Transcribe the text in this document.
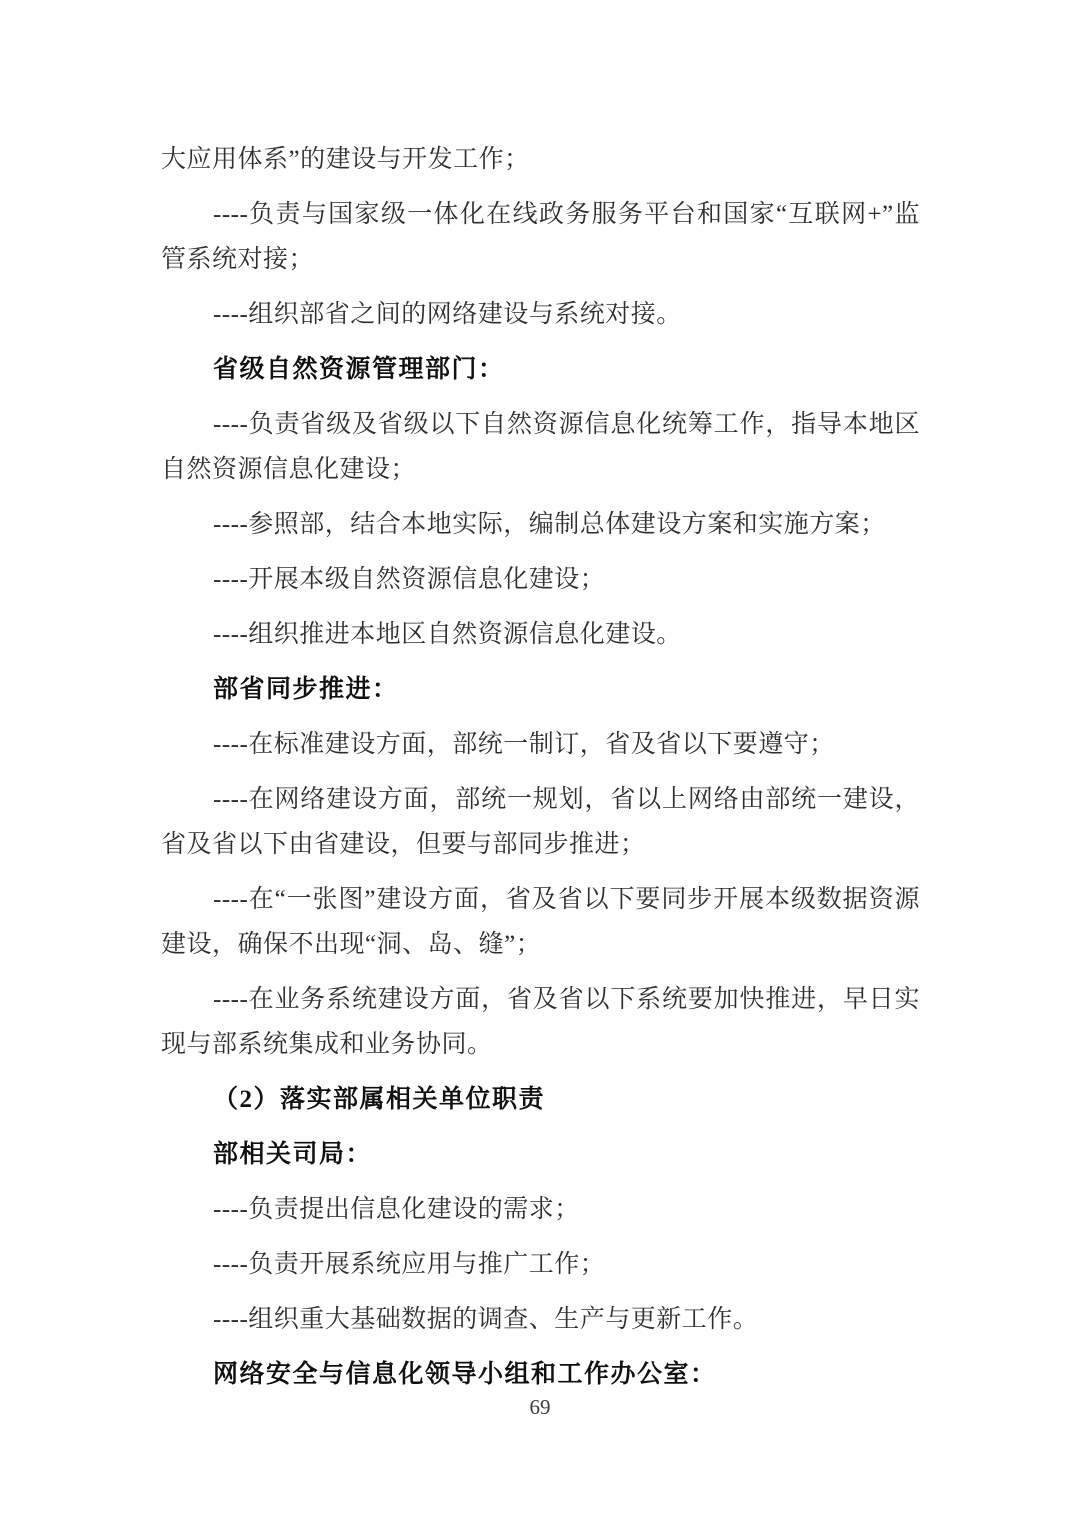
大应用体系”的建设与开发工作；
----负责与国家级一体化在线政务服务平台和国家“互联网+”监管系统对接；
----组织部省之间的网络建设与系统对接。
省级自然资源管理部门：
----负责省级及省级以下自然资源信息化统筹工作，指导本地区自然资源信息化建设；
----参照部，结合本地实际，编制总体建设方案和实施方案；
----开展本级自然资源信息化建设；
----组织推进本地区自然资源信息化建设。
部省同步推进：
----在标准建设方面，部统一制订，省及省以下要遵守；
----在网络建设方面，部统一规划，省以上网络由部统一建设，省及省以下由省建设，但要与部同步推进；
----在“一张图”建设方面，省及省以下要同步开展本级数据资源建设，确保不出现“洞、岛、缝”；
----在业务系统建设方面，省及省以下系统要加快推进，早日实现与部系统集成和业务协同。
（2）落实部属相关单位职责
部相关司局：
----负责提出信息化建设的需求；
----负责开展系统应用与推广工作；
----组织重大基础数据的调查、生产与更新工作。
网络安全与信息化领导小组和工作办公室：
69
